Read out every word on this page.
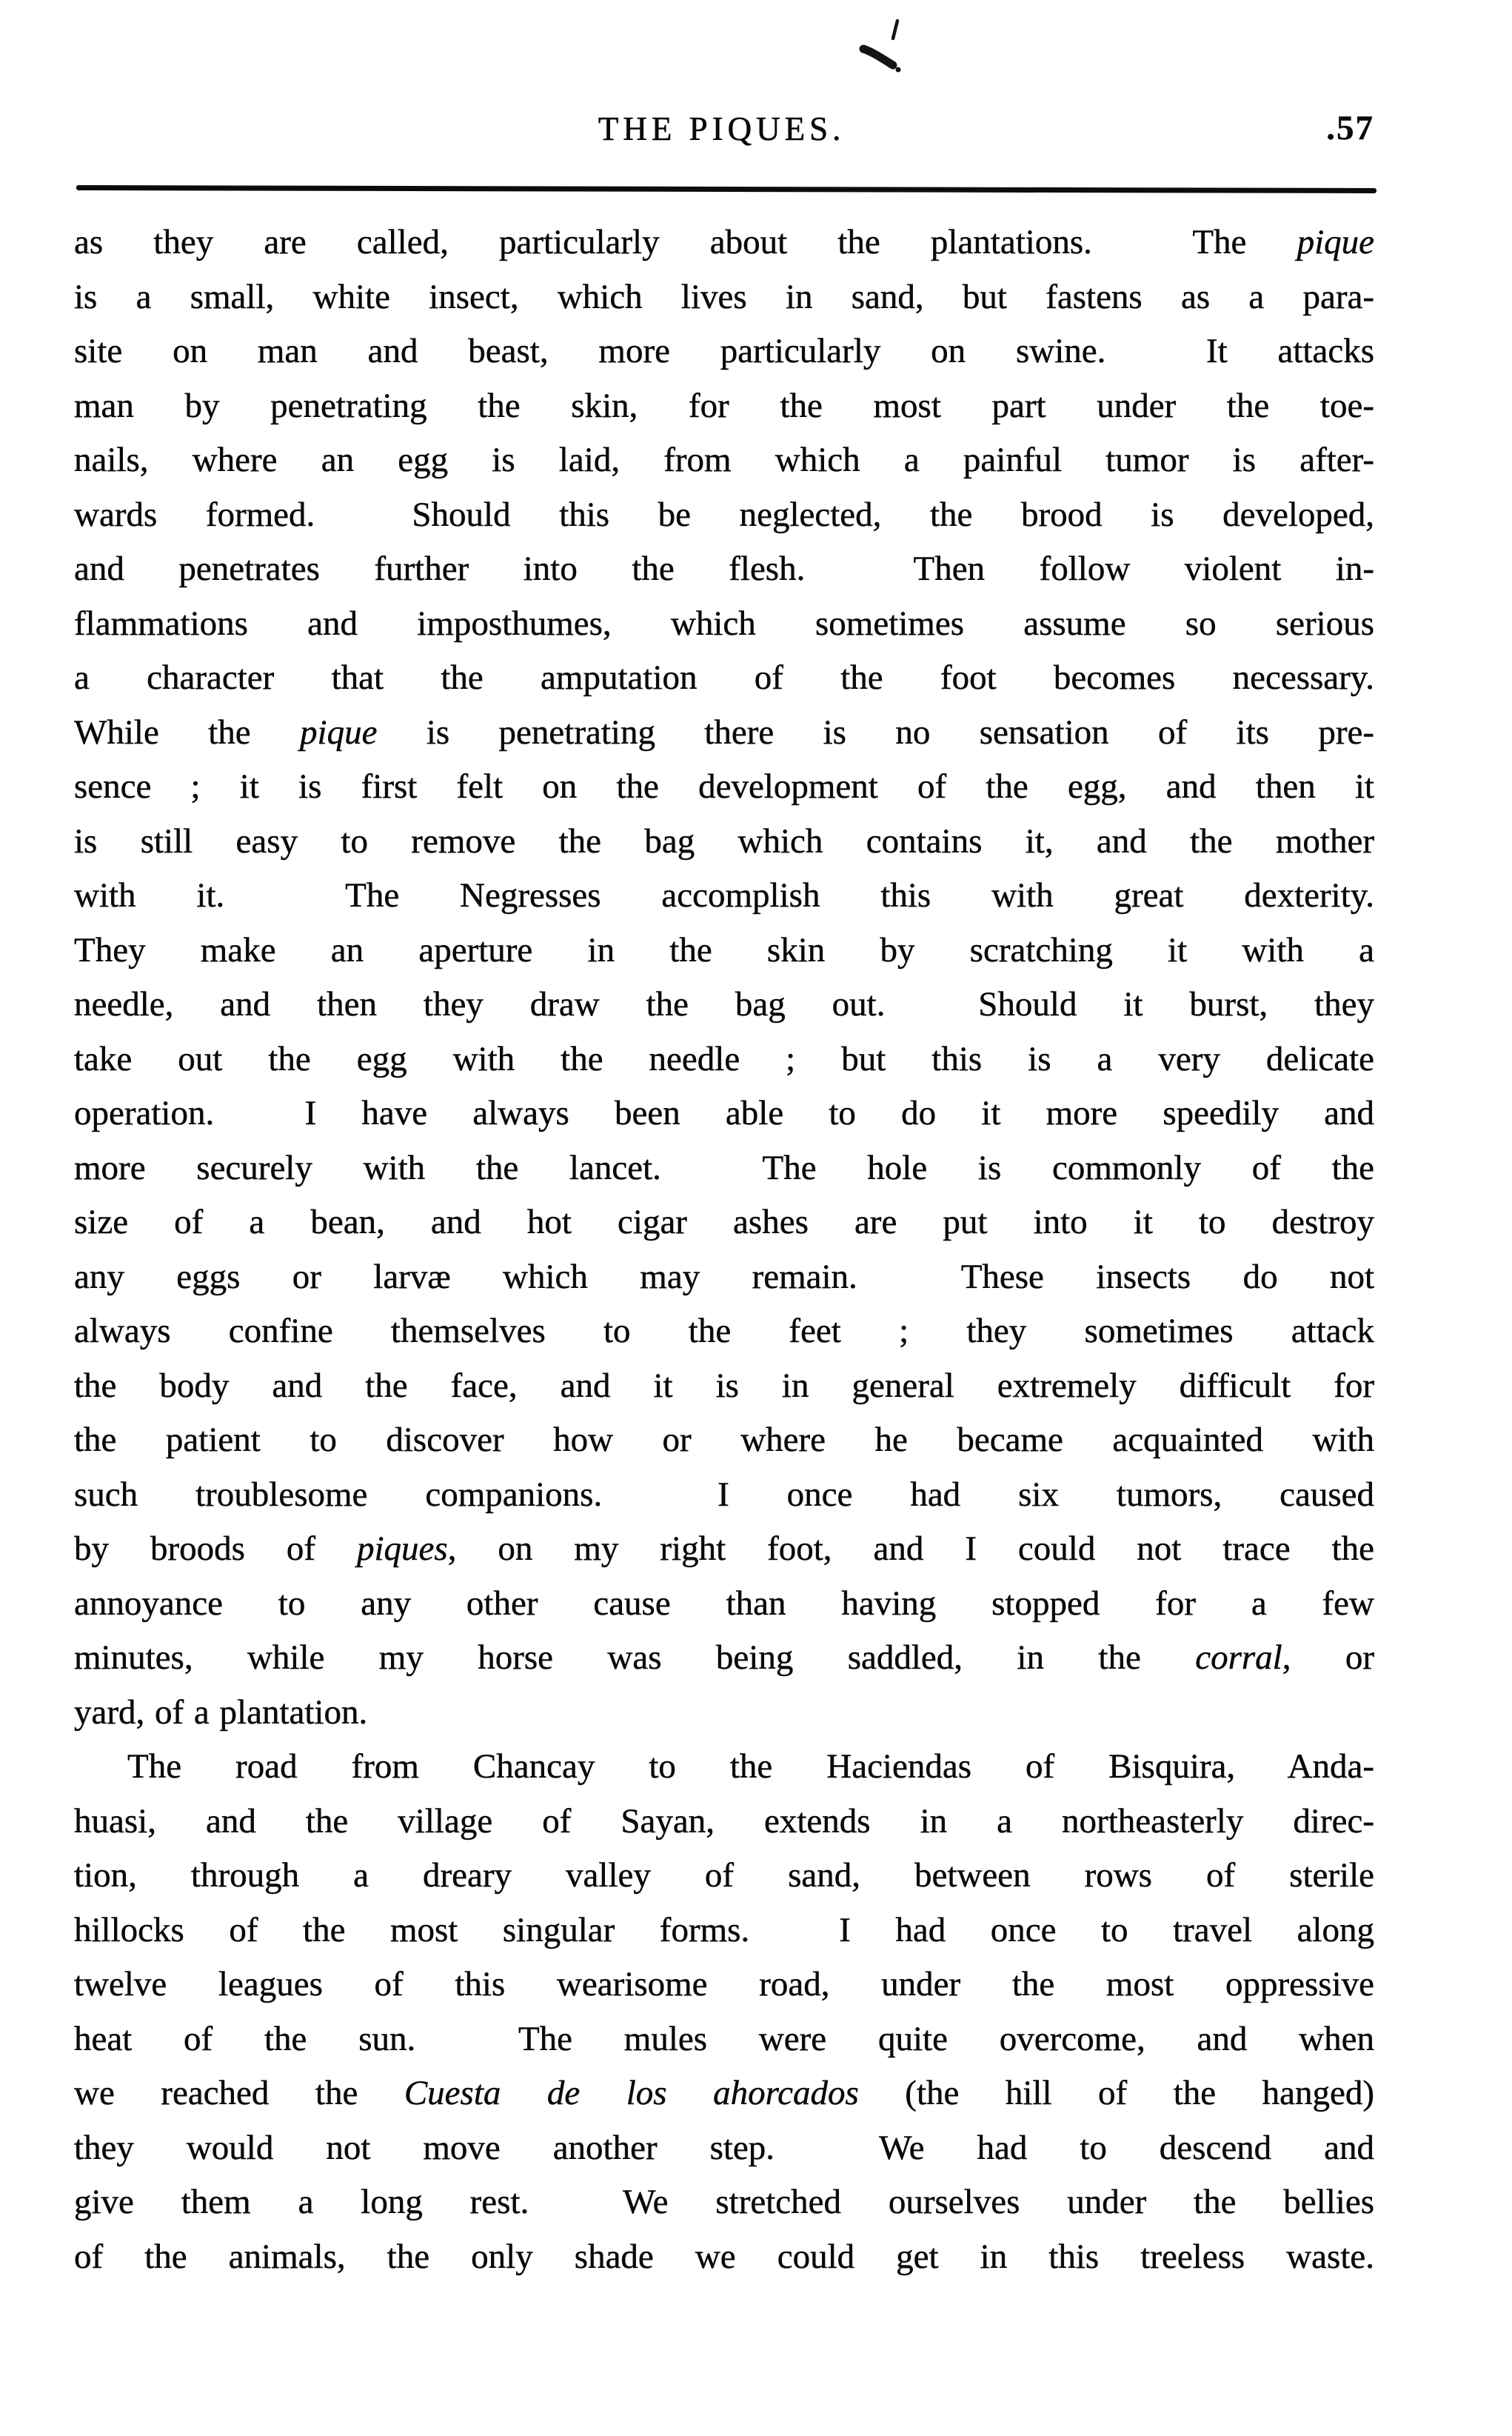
THE PIQUES.	.57
as they are called, particularly about the plantations.  The pique
is a small, white insect, which lives in sand, but fastens as a para-
site on man and beast, more particularly on swine.  It attacks
man by penetrating the skin, for the most part under the toe-
nails, where an egg is laid, from which a painful tumor is after-
wards formed.  Should this be neglected, the brood is developed,
and penetrates further into the flesh.  Then follow violent in-
flammations and imposthumes, which sometimes assume so serious
a character that the amputation of the foot becomes necessary.
While the pique is penetrating there is no sensation of its pre-
sence ; it is first felt on the development of the egg, and then it
is still easy to remove the bag which contains it, and the mother
with it.  The Negresses accomplish this with great dexterity.
They make an aperture in the skin by scratching it with a
needle, and then they draw the bag out.  Should it burst, they
take out the egg with the needle ; but this is a very delicate
operation.  I have always been able to do it more speedily and
more securely with the lancet.  The hole is commonly of the
size of a bean, and hot cigar ashes are put into it to destroy
any eggs or larvæ which may remain.  These insects do not
always confine themselves to the feet ; they sometimes attack
the body and the face, and it is in general extremely difficult for
the patient to discover how or where he became acquainted with
such troublesome companions.  I once had six tumors, caused
by broods of piques, on my right foot, and I could not trace the
annoyance to any other cause than having stopped for a few
minutes, while my horse was being saddled, in the corral, or
yard, of a plantation.
The road from Chancay to the Haciendas of Bisquira, Anda-
huasi, and the village of Sayan, extends in a northeasterly direc-
tion, through a dreary valley of sand, between rows of sterile
hillocks of the most singular forms.  I had once to travel along
twelve leagues of this wearisome road, under the most oppressive
heat of the sun.  The mules were quite overcome, and when
we reached the Cuesta de los ahorcados (the hill of the hanged)
they would not move another step.  We had to descend and
give them a long rest.  We stretched ourselves under the bellies
of the animals, the only shade we could get in this treeless waste.
